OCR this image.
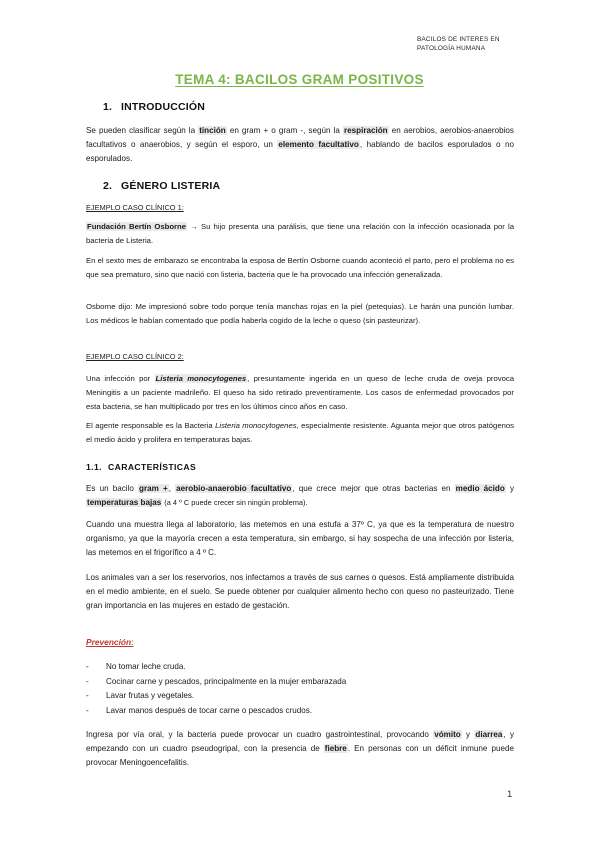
BACILOS DE INTERES EN PATOLOGÍA HUMANA
TEMA 4: BACILOS GRAM POSITIVOS
1. INTRODUCCIÓN
Se pueden clasificar según la tinción en gram + o gram -, según la respiración en aerobios, aerobios-anaerobios facultativos o anaerobios, y según el esporo, un elemento facultativo, hablando de bacilos esporulados o no esporulados.
2. GÉNERO LISTERIA
EJEMPLO CASO CLÍNICO 1:
Fundación Bertín Osborne → Su hijo presenta una parálisis, que tiene una relación con la infección ocasionada por la bacteria de Listeria.
En el sexto mes de embarazo se encontraba la esposa de Bertín Osborne cuando aconteció el parto, pero el problema no es que sea prematuro, sino que nació con listeria, bacteria que le ha provocado una infección generalizada.
Osborne dijo: Me impresionó sobre todo porque tenía manchas rojas en la piel (petequias). Le harán una punción lumbar. Los médicos le habían comentado que podía haberla cogido de la leche o queso (sin pasteurizar).
EJEMPLO CASO CLÍNICO 2:
Una infección por Listeria monocytogenes, presuntamente ingerida en un queso de leche cruda de oveja provoca Meningitis a un paciente madrileño. El queso ha sido retirado preventiramente. Los casos de enfermedad provocados por esta bacteria, se han multiplicado por tres en los últimos cinco años en caso.
El agente responsable es la Bacteria Listeria monocytogenes, especialmente resistente. Aguanta mejor que otros patógenos el medio ácido y prolifera en temperaturas bajas.
1.1. CARACTERÍSTICAS
Es un bacilo gram +, aerobio-anaerobio facultativo, que crece mejor que otras bacterias en medio ácido y temperaturas bajas (a 4 º C puede crecer sin ningún problema).
Cuando una muestra llega al laboratorio, las metemos en una estufa a 37º C, ya que es la temperatura de nuestro organismo, ya que la mayoría crecen a esta temperatura, sin embargo, si hay sospecha de una infección por listeria, las metemos en el frigorífico a 4 º C.
Los animales van a ser los reservorios, nos infectamos a través de sus carnes o quesos. Está ampliamente distribuida en el medio ambiente, en el suelo. Se puede obtener por cualquier alimento hecho con queso no pasteurizado. Tiene gran importancia en las mujeres en estado de gestación.
Prevención:
-	No tomar leche cruda.
-	Cocinar carne y pescados, principalmente en la mujer embarazada
-	Lavar frutas y vegetales.
-	Lavar manos después de tocar carne o pescados crudos.
Ingresa por vía oral, y la bacteria puede provocar un cuadro gastrointestinal, provocando vómito y diarrea, y empezando con un cuadro pseudogripal, con la presencia de fiebre. En personas con un déficit inmune puede provocar Meningoencefalitis.
1
